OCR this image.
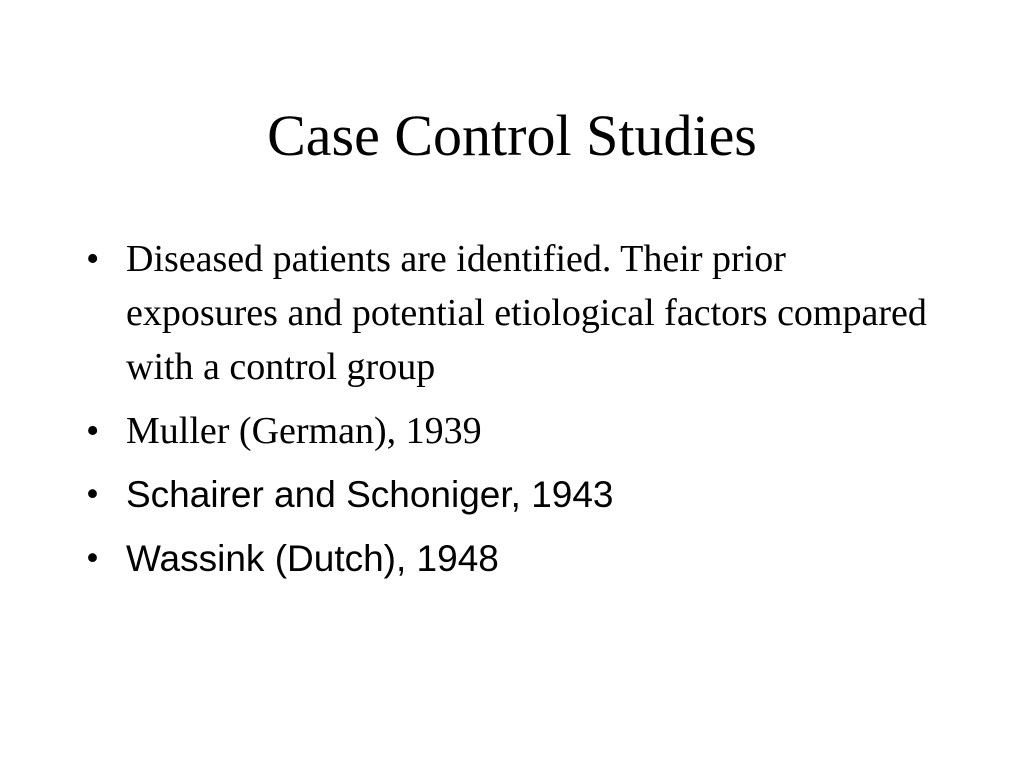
Case Control Studies
• Diseased patients are identified. Their prior exposures and potential etiological factors compared with a control group
• Muller (German), 1939
• Schairer and Schoniger, 1943
• Wassink (Dutch), 1948
